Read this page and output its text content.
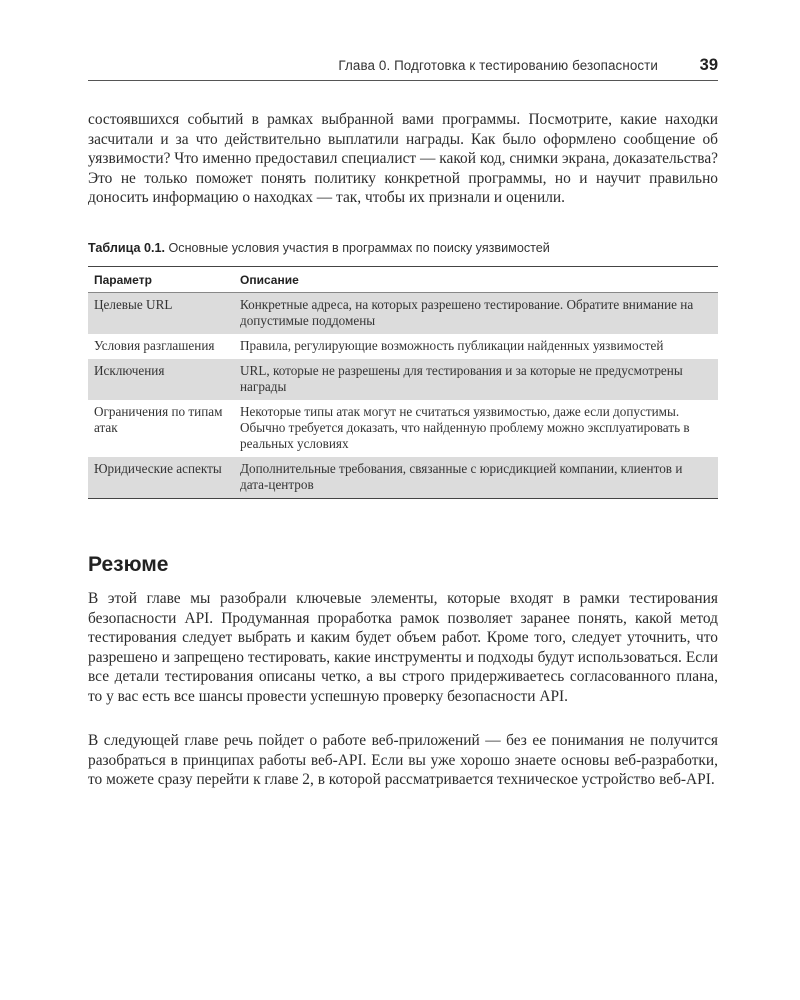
Глава 0. Подготовка к тестированию безопасности	39

состоявшихся событий в рамках выбранной вами программы. Посмотрите, какие находки засчитали и за что действительно выплатили награды. Как было оформлено сообщение об уязвимости? Что именно предоставил специалист — какой код, снимки экрана, доказательства? Это не только поможет понять политику конкретной программы, но и научит правильно доносить информацию о находках — так, чтобы их признали и оценили.

Таблица 0.1. Основные условия участия в программах по поиску уязвимостей
Параметр	Описание
Целевые URL	Конкретные адреса, на которых разрешено тестирование. Обратите внимание на допустимые поддомены
Условия разглашения	Правила, регулирующие возможность публикации найденных уязвимостей
Исключения	URL, которые не разрешены для тестирования и за которые не предусмотрены награды
Ограничения по типам атак	Некоторые типы атак могут не считаться уязвимостью, даже если допустимы. Обычно требуется доказать, что найденную проблему можно эксплуатировать в реальных условиях
Юридические аспекты	Дополнительные требования, связанные с юрисдикцией компании, клиентов и дата-центров
Резюме

В этой главе мы разобрали ключевые элементы, которые входят в рамки тестирования безопасности API. Продуманная проработка рамок позволяет заранее понять, какой метод тестирования следует выбрать и каким будет объем работ. Кроме того, следует уточнить, что разрешено и запрещено тестировать, какие инструменты и подходы будут использоваться. Если все детали тестирования описаны четко, а вы строго придерживаетесь согласованного плана, то у вас есть все шансы провести успешную проверку безопасности API.

В следующей главе речь пойдет о работе веб-приложений — без ее понимания не получится разобраться в принципах работы веб-API. Если вы уже хорошо знаете основы веб-разработки, то можете сразу перейти к главе 2, в которой рассматривается техническое устройство веб-API.
